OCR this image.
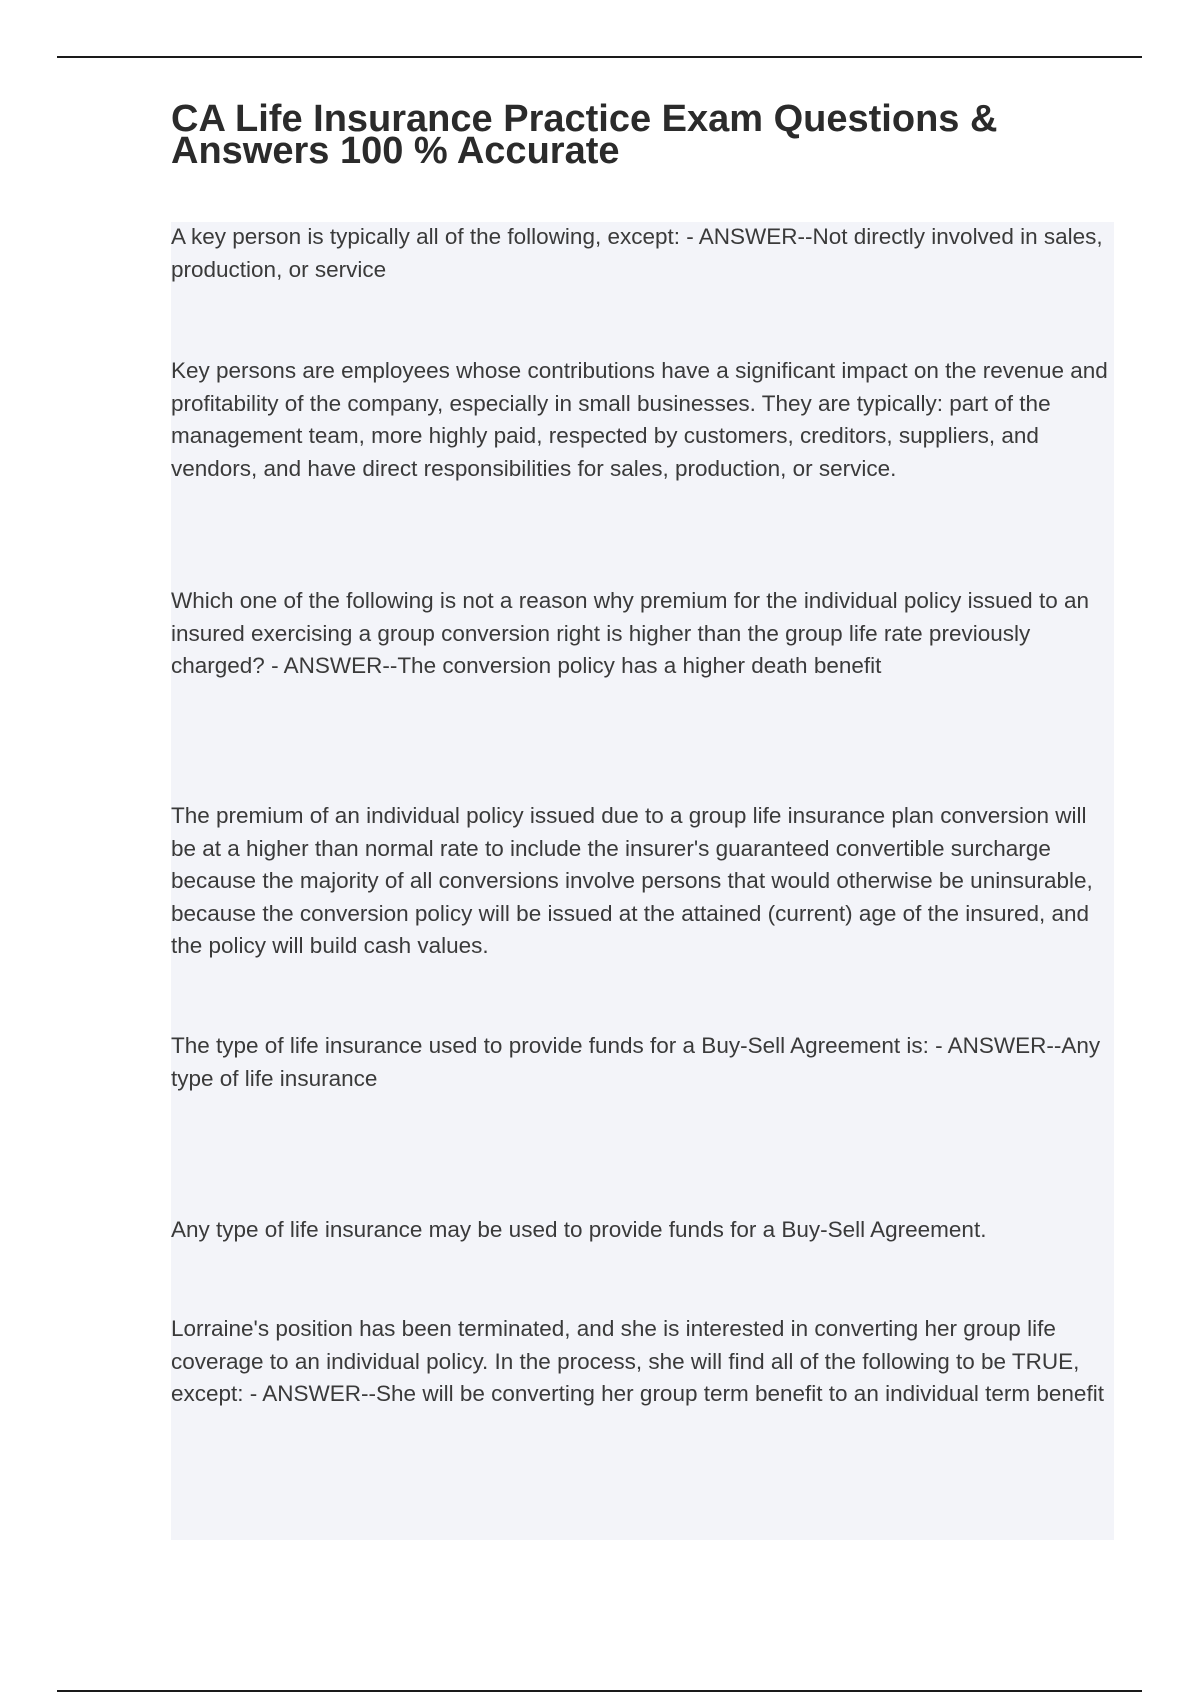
CA Life Insurance Practice Exam Questions & Answers 100 % Accurate

A key person is typically all of the following, except: - ANSWER--Not directly involved in sales, production, or service

Key persons are employees whose contributions have a significant impact on the revenue and profitability of the company, especially in small businesses. They are typically: part of the management team, more highly paid, respected by customers, creditors, suppliers, and vendors, and have direct responsibilities for sales, production, or service.

Which one of the following is not a reason why premium for the individual policy issued to an insured exercising a group conversion right is higher than the group life rate previously charged? - ANSWER--The conversion policy has a higher death benefit

The premium of an individual policy issued due to a group life insurance plan conversion will be at a higher than normal rate to include the insurer's guaranteed convertible surcharge because the majority of all conversions involve persons that would otherwise be uninsurable, because the conversion policy will be issued at the attained (current) age of the insured, and the policy will build cash values.

The type of life insurance used to provide funds for a Buy-Sell Agreement is: - ANSWER--Any type of life insurance

Any type of life insurance may be used to provide funds for a Buy-Sell Agreement.

Lorraine's position has been terminated, and she is interested in converting her group life coverage to an individual policy. In the process, she will find all of the following to be TRUE, except: - ANSWER--She will be converting her group term benefit to an individual term benefit
